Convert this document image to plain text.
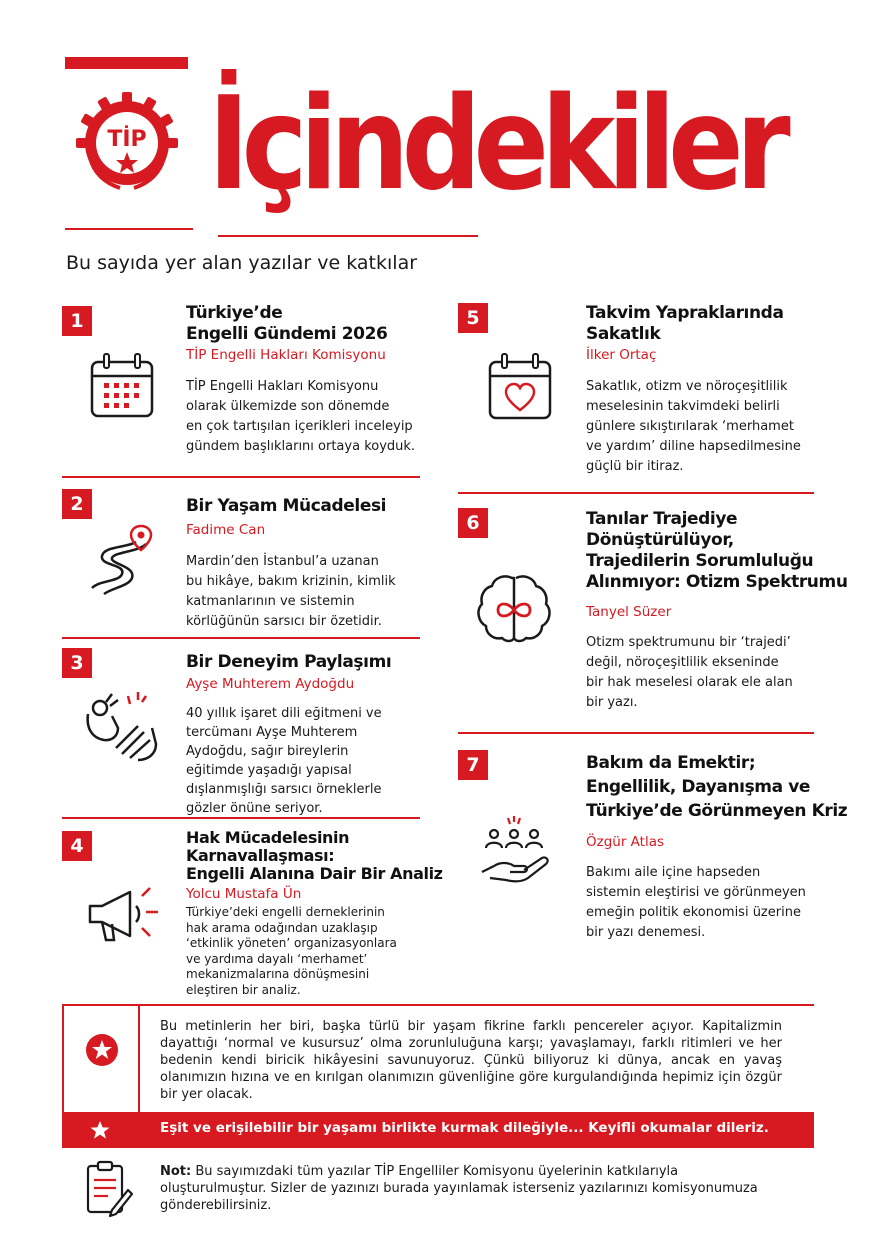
TİP İçindekiler
Bu sayıda yer alan yazılar ve katkılar
1	Türkiye’de
Engelli Gündemi 2026
TİP Engelli Hakları Komisyonu
TİP Engelli Hakları Komisyonu
olarak ülkemizde son dönemde
en çok tartışılan içerikleri inceleyip
gündem başlıklarını ortaya koyduk.
2	Bir Yaşam Mücadelesi
Fadime Can
Mardin’den İstanbul’a uzanan
bu hikâye, bakım krizinin, kimlik
katmanlarının ve sistemin
körlüğünün sarsıcı bir özetidir.
3	Bir Deneyim Paylaşımı
Ayşe Muhterem Aydoğdu
40 yıllık işaret dili eğitmeni ve
tercümanı Ayşe Muhterem
Aydoğdu, sağır bireylerin
eğitimde yaşadığı yapısal
dışlanmışlığı sarsıcı örneklerle
gözler önüne seriyor.
4	Hak Mücadelesinin
Karnavallaşması:
Engelli Alanına Dair Bir Analiz
Yolcu Mustafa Ün
Türkiye’deki engelli derneklerinin
hak arama odağından uzaklaşıp
‘etkinlik yöneten’ organizasyonlara
ve yardıma dayalı ‘merhamet’
mekanizmalarına dönüşmesini
eleştiren bir analiz.
5	Takvim Yapraklarında
Sakatlık
İlker Ortaç
Sakatlık, otizm ve nöroçeşitlilik
meselesinin takvimdeki belirli
günlere sıkıştırılarak ‘merhamet
ve yardım’ diline hapsedilmesine
güçlü bir itiraz.
6	Tanılar Trajediye
Dönüştürülüyor,
Trajedilerin Sorumluluğu
Alınmıyor: Otizm Spektrumu
Tanyel Süzer
Otizm spektrumunu bir ‘trajedi’
değil, nöroçeşitlilik ekseninde
bir hak meselesi olarak ele alan
bir yazı.
7	Bakım da Emektir;
Engellilik, Dayanışma ve
Türkiye’de Görünmeyen Kriz
Özgür Atlas
Bakımı aile içine hapseden
sistemin eleştirisi ve görünmeyen
emeğin politik ekonomisi üzerine
bir yazı denemesi.
Bu metinlerin her biri, başka türlü bir yaşam fikrine farklı pencereler açıyor. Kapitalizmin dayattığı ‘normal ve kusursuz’ olma zorunluluğuna karşı; yavaşlamayı, farklı ritimleri ve her bedenin kendi biricik hikâyesini savunuyoruz. Çünkü biliyoruz ki dünya, ancak en yavaş olanımızın hızına ve en kırılgan olanımızın güvenliğine göre kurgulandığında hepimiz için özgür bir yer olacak.
Eşit ve erişilebilir bir yaşamı birlikte kurmak dileğiyle... Keyifli okumalar dileriz.
Not: Bu sayımızdaki tüm yazılar TİP Engelliler Komisyonu üyelerinin katkılarıyla oluşturulmuştur. Sizler de yazınızı burada yayınlamak isterseniz yazılarınızı komisyonumuza gönderebilirsiniz.
